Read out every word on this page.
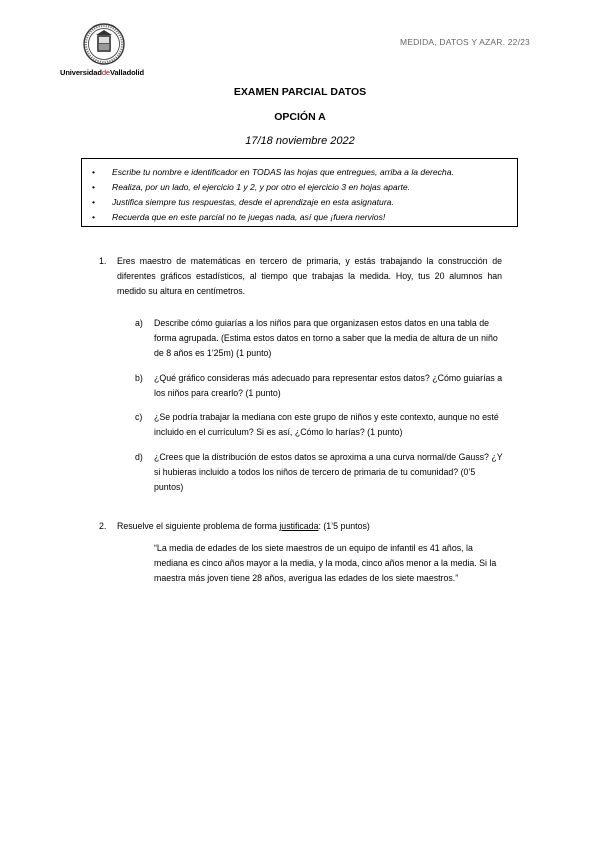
UniversidaddeValladolid
MEDIDA, DATOS Y AZAR. 22/23
EXAMEN PARCIAL DATOS
OPCIÓN A
17/18 noviembre 2022
• Escribe tu nombre e identificador en TODAS las hojas que entregues, arriba a la derecha.
• Realiza, por un lado, el ejercicio 1 y 2, y por otro el ejercicio 3 en hojas aparte.
• Justifica siempre tus respuestas, desde el aprendizaje en esta asignatura.
• Recuerda que en este parcial no te juegas nada, así que ¡fuera nervios!
1. Eres maestro de matemáticas en tercero de primaria, y estás trabajando la construcción de diferentes gráficos estadísticos, al tiempo que trabajas la medida. Hoy, tus 20 alumnos han medido su altura en centímetros.
a) Describe cómo guiarías a los niños para que organizasen estos datos en una tabla de forma agrupada. (Estima estos datos en torno a saber que la media de altura de un niño de 8 años es 1’25m) (1 punto)
b) ¿Qué gráfico consideras más adecuado para representar estos datos? ¿Cómo guiarías a los niños para crearlo? (1 punto)
c) ¿Se podría trabajar la mediana con este grupo de niños y este contexto, aunque no esté incluido en el currículum? Si es así, ¿Cómo lo harías? (1 punto)
d) ¿Crees que la distribución de estos datos se aproxima a una curva normal/de Gauss? ¿Y si hubieras incluido a todos los niños de tercero de primaria de tu comunidad? (0’5 puntos)
2. Resuelve el siguiente problema de forma justificada: (1’5 puntos)
“La media de edades de los siete maestros de un equipo de infantil es 41 años, la mediana es cinco años mayor a la media, y la moda, cinco años menor a la media. Si la maestra más joven tiene 28 años, averigua las edades de los siete maestros.”
